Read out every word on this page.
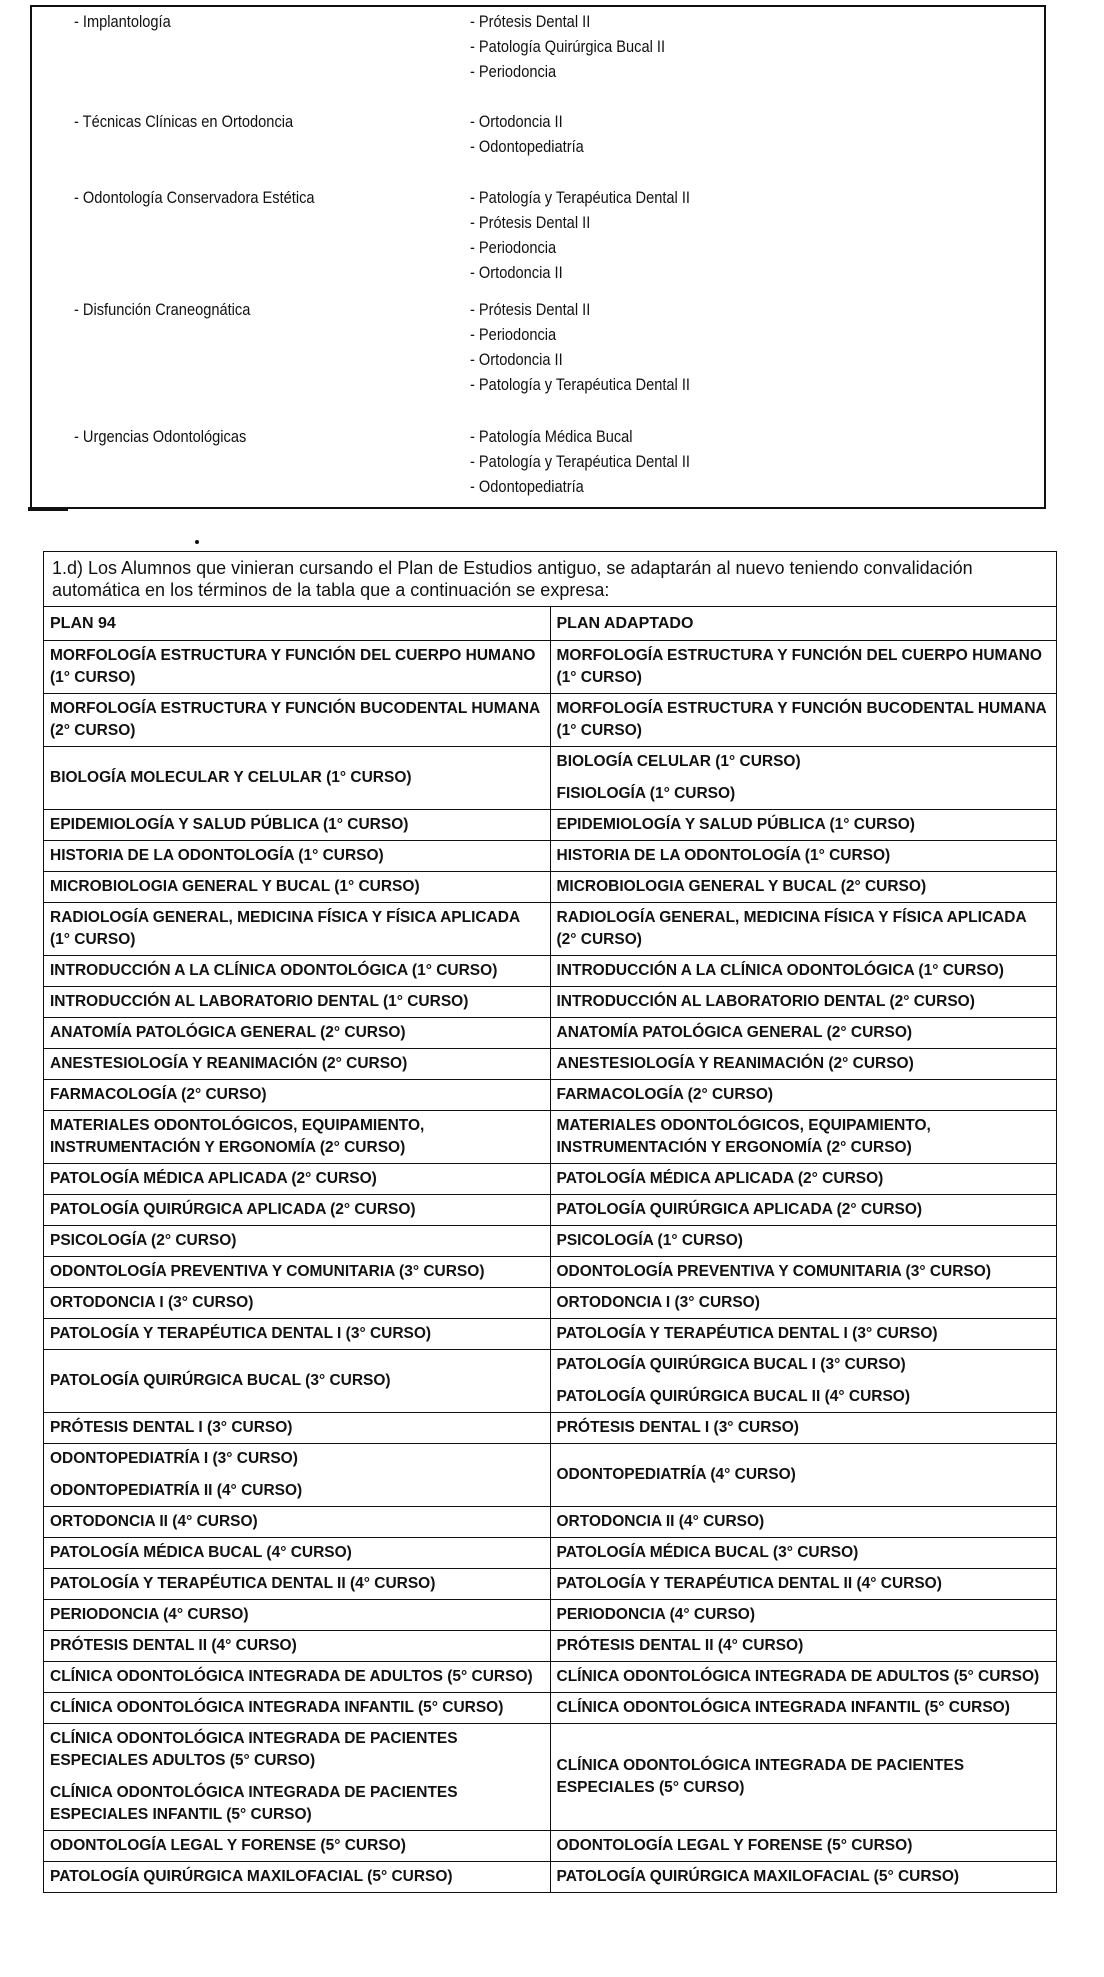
- Implantología	- Prótesis Dental II
- Patología Quirúrgica Bucal II
- Periodoncia
- Técnicas Clínicas en Ortodoncia	- Ortodoncia II
- Odontopediatría
- Odontología Conservadora Estética	- Patología y Terapéutica Dental II
- Prótesis Dental II
- Periodoncia
- Ortodoncia II
- Disfunción Craneognática	- Prótesis Dental II
- Periodoncia
- Ortodoncia II
- Patología y Terapéutica Dental II
- Urgencias Odontológicas	- Patología Médica Bucal
- Patología y Terapéutica Dental II
- Odontopediatría
1.d) Los Alumnos que vinieran cursando el Plan de Estudios antiguo, se adaptarán al nuevo teniendo convalidación automática en los términos de la tabla que a continuación se expresa:	
PLAN 94	PLAN ADAPTADO

MORFOLOGÍA ESTRUCTURA Y FUNCIÓN DEL CUERPO HUMANO (1° CURSO)	MORFOLOGÍA ESTRUCTURA Y FUNCIÓN DEL CUERPO HUMANO (1° CURSO)

MORFOLOGÍA ESTRUCTURA Y FUNCIÓN BUCODENTAL HUMANA (2° CURSO)	MORFOLOGÍA ESTRUCTURA Y FUNCIÓN BUCODENTAL HUMANA (1° CURSO)

BIOLOGÍA MOLECULAR Y CELULAR (1° CURSO)	BIOLOGÍA CELULAR (1° CURSO)
FISIOLOGÍA (1° CURSO)

EPIDEMIOLOGÍA Y SALUD PÚBLICA (1° CURSO)	EPIDEMIOLOGÍA Y SALUD PÚBLICA (1° CURSO)

HISTORIA DE LA ODONTOLOGÍA (1° CURSO)	HISTORIA DE LA ODONTOLOGÍA (1° CURSO)

MICROBIOLOGIA GENERAL Y BUCAL (1° CURSO)	MICROBIOLOGIA GENERAL Y BUCAL (2° CURSO)

RADIOLOGÍA GENERAL, MEDICINA FÍSICA Y FÍSICA APLICADA (1° CURSO)	RADIOLOGÍA GENERAL, MEDICINA FÍSICA Y FÍSICA APLICADA (2° CURSO)

INTRODUCCIÓN A LA CLÍNICA ODONTOLÓGICA (1° CURSO)	INTRODUCCIÓN A LA CLÍNICA ODONTOLÓGICA (1° CURSO)

INTRODUCCIÓN AL LABORATORIO DENTAL (1° CURSO)	INTRODUCCIÓN AL LABORATORIO DENTAL (2° CURSO)

ANATOMÍA PATOLÓGICA GENERAL (2° CURSO)	ANATOMÍA PATOLÓGICA GENERAL (2° CURSO)

ANESTESIOLOGÍA Y REANIMACIÓN (2° CURSO)	ANESTESIOLOGÍA Y REANIMACIÓN (2° CURSO)

FARMACOLOGÍA (2° CURSO)	FARMACOLOGÍA (2° CURSO)

MATERIALES ODONTOLÓGICOS, EQUIPAMIENTO, INSTRUMENTACIÓN Y ERGONOMÍA (2° CURSO)	MATERIALES ODONTOLÓGICOS, EQUIPAMIENTO, INSTRUMENTACIÓN Y ERGONOMÍA (2° CURSO)

PATOLOGÍA MÉDICA APLICADA (2° CURSO)	PATOLOGÍA MÉDICA APLICADA (2° CURSO)

PATOLOGÍA QUIRÚRGICA APLICADA (2° CURSO)	PATOLOGÍA QUIRÚRGICA APLICADA (2° CURSO)

PSICOLOGÍA (2° CURSO)	PSICOLOGÍA (1° CURSO)

ODONTOLOGÍA PREVENTIVA Y COMUNITARIA (3° CURSO)	ODONTOLOGÍA PREVENTIVA Y COMUNITARIA (3° CURSO)

ORTODONCIA I (3° CURSO)	ORTODONCIA I (3° CURSO)

PATOLOGÍA Y TERAPÉUTICA DENTAL I (3° CURSO)	PATOLOGÍA Y TERAPÉUTICA DENTAL I (3° CURSO)

PATOLOGÍA QUIRÚRGICA BUCAL (3° CURSO)	PATOLOGÍA QUIRÚRGICA BUCAL I (3° CURSO)
PATOLOGÍA QUIRÚRGICA BUCAL II (4° CURSO)

PRÓTESIS DENTAL I (3° CURSO)	PRÓTESIS DENTAL I (3° CURSO)

ODONTOPEDIATRÍA I (3° CURSO)
ODONTOPEDIATRÍA II (4° CURSO)	ODONTOPEDIATRÍA (4° CURSO)

ORTODONCIA II (4° CURSO)	ORTODONCIA II (4° CURSO)

PATOLOGÍA MÉDICA BUCAL (4° CURSO)	PATOLOGÍA MÉDICA BUCAL (3° CURSO)

PATOLOGÍA Y TERAPÉUTICA DENTAL II (4° CURSO)	PATOLOGÍA Y TERAPÉUTICA DENTAL II (4° CURSO)

PERIODONCIA (4° CURSO)	PERIODONCIA (4° CURSO)

PRÓTESIS DENTAL II (4° CURSO)	PRÓTESIS DENTAL II (4° CURSO)

CLÍNICA ODONTOLÓGICA INTEGRADA DE ADULTOS (5° CURSO)	CLÍNICA ODONTOLÓGICA INTEGRADA DE ADULTOS (5° CURSO)

CLÍNICA ODONTOLÓGICA INTEGRADA INFANTIL (5° CURSO)	CLÍNICA ODONTOLÓGICA INTEGRADA INFANTIL (5° CURSO)

CLÍNICA ODONTOLÓGICA INTEGRADA DE PACIENTES ESPECIALES ADULTOS (5° CURSO)
CLÍNICA ODONTOLÓGICA INTEGRADA DE PACIENTES ESPECIALES INFANTIL (5° CURSO)	CLÍNICA ODONTOLÓGICA INTEGRADA DE PACIENTES ESPECIALES (5° CURSO)

ODONTOLOGÍA LEGAL Y FORENSE (5° CURSO)	ODONTOLOGÍA LEGAL Y FORENSE (5° CURSO)

PATOLOGÍA QUIRÚRGICA MAXILOFACIAL (5° CURSO)	PATOLOGÍA QUIRÚRGICA MAXILOFACIAL (5° CURSO)
